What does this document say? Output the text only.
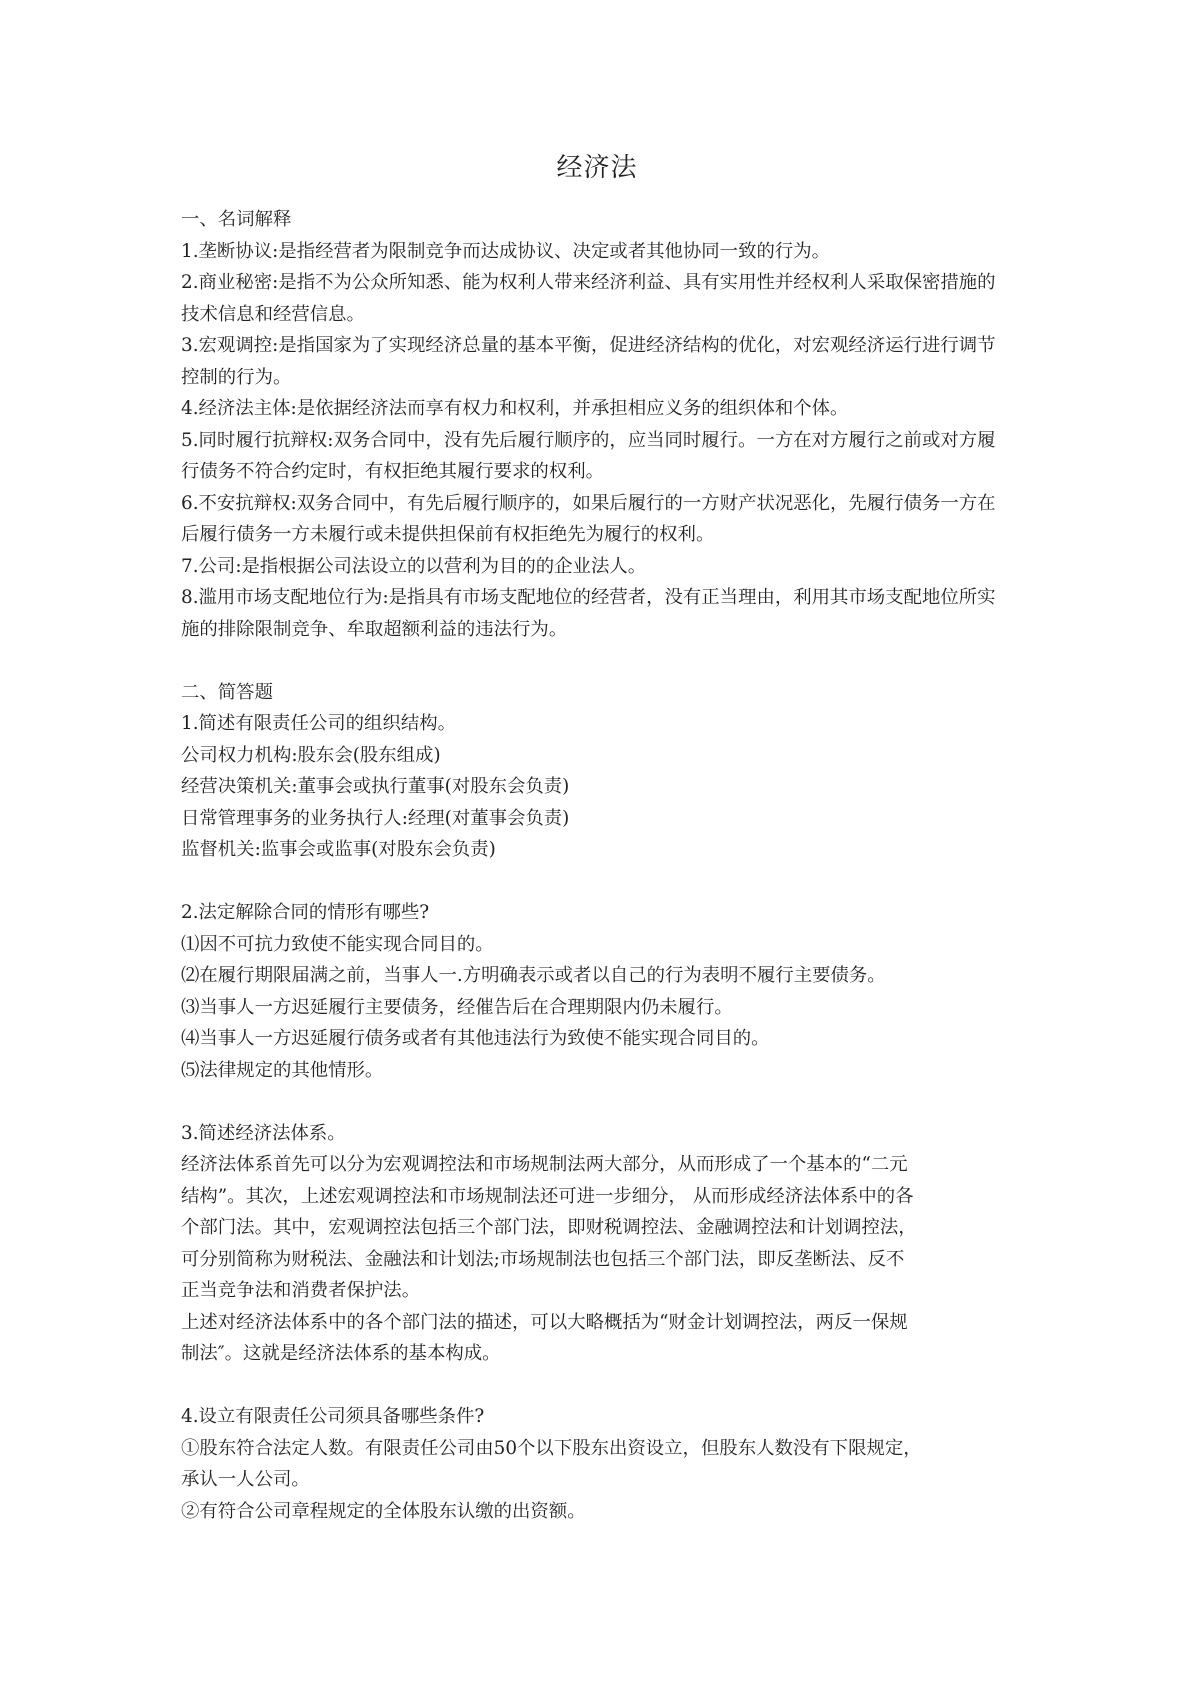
经济法

一、名词解释

1.垄断协议:是指经营者为限制竞争而达成协议、决定或者其他协同一致的行为。

2.商业秘密:是指不为公众所知悉、能为权利人带来经济利益、具有实用性并经权利人采取保密措施的技术信息和经营信息。

3.宏观调控:是指国家为了实现经济总量的基本平衡，促进经济结构的优化，对宏观经济运行进行调节控制的行为。

4.经济法主体:是依据经济法而享有权力和权利，并承担相应义务的组织体和个体。

5.同时履行抗辩权:双务合同中，没有先后履行顺序的，应当同时履行。一方在对方履行之前或对方履行债务不符合约定时，有权拒绝其履行要求的权利。

6.不安抗辩权:双务合同中，有先后履行顺序的，如果后履行的一方财产状况恶化，先履行债务一方在后履行债务一方未履行或未提供担保前有权拒绝先为履行的权利。

7.公司:是指根据公司法设立的以营利为目的的企业法人。

8.滥用市场支配地位行为:是指具有市场支配地位的经营者，没有正当理由，利用其市场支配地位所实施的排除限制竞争、牟取超额利益的违法行为。

二、简答题

1.简述有限责任公司的组织结构。

公司权力机构:股东会(股东组成)

经营决策机关:董事会或执行董事(对股东会负责)

日常管理事务的业务执行人:经理(对董事会负责)

监督机关:监事会或监事(对股东会负责)

2.法定解除合同的情形有哪些?

⑴因不可抗力致使不能实现合同目的。

⑵在履行期限届满之前，当事人一.方明确表示或者以自己的行为表明不履行主要债务。

⑶当事人一方迟延履行主要债务，经催告后在合理期限内仍未履行。

⑷当事人一方迟延履行债务或者有其他违法行为致使不能实现合同目的。

⑸法律规定的其他情形。

3.简述经济法体系。

经济法体系首先可以分为宏观调控法和市场规制法两大部分，从而形成了一个基本的“二元

结构”。其次，上述宏观调控法和市场规制法还可进一步细分， 从而形成经济法体系中的各

个部门法。其中，宏观调控法包括三个部门法，即财税调控法、金融调控法和计划调控法，

可分别简称为财税法、金融法和计划法;市场规制法也包括三个部门法，即反垄断法、反不

正当竞争法和消费者保护法。

上述对经济法体系中的各个部门法的描述，可以大略概括为“财金计划调控法，两反一保规

制法″。这就是经济法体系的基本构成。

4.设立有限责任公司须具备哪些条件?

①股东符合法定人数。有限责任公司由50个以下股东出资设立，但股东人数没有下限规定，

承认一人公司。

②有符合公司章程规定的全体股东认缴的出资额。
